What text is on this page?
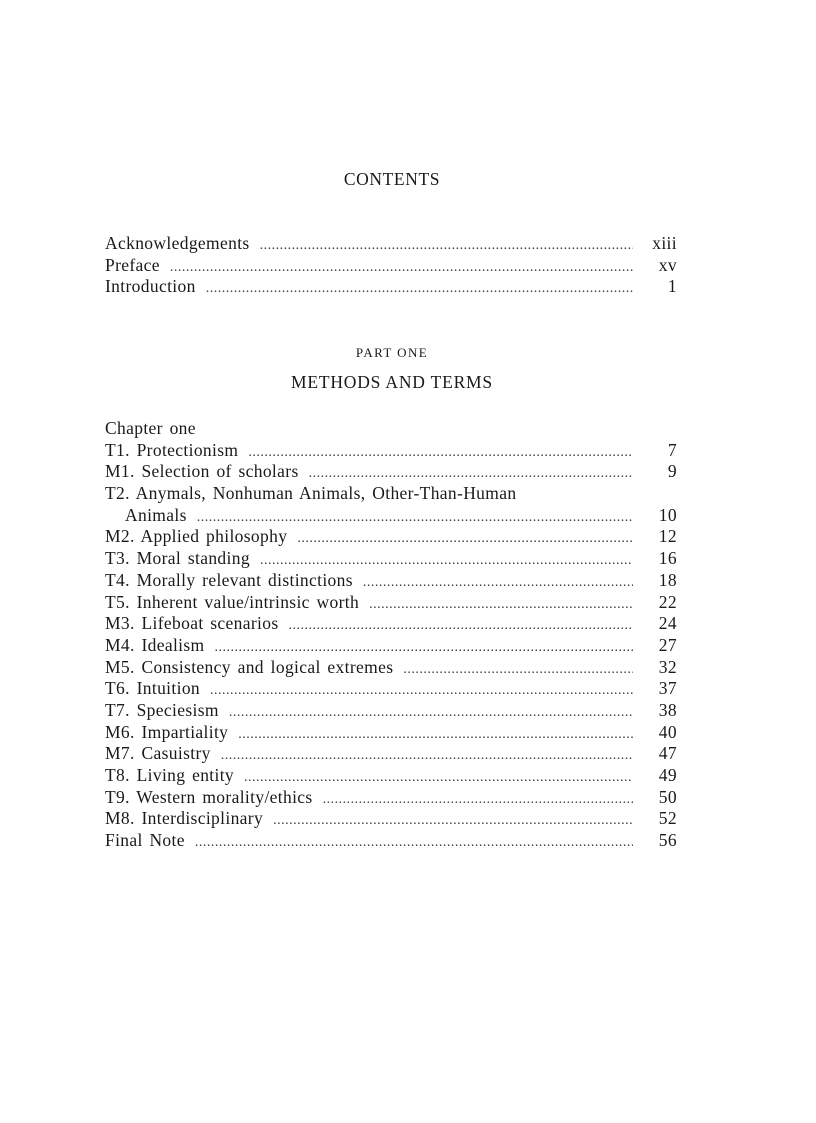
CONTENTS
Acknowledgements .....	xiii
Preface .....	xv
Introduction .....	1
PART ONE
METHODS AND TERMS
Chapter one
T1. Protectionism .....	7
M1. Selection of scholars .....	9
T2. Anymals, Nonhuman Animals, Other-Than-Human
Animals .....	10
M2. Applied philosophy .....	12
T3. Moral standing .....	16
T4. Morally relevant distinctions .....	18
T5. Inherent value/intrinsic worth .....	22
M3. Lifeboat scenarios .....	24
M4. Idealism .....	27
M5. Consistency and logical extremes .....	32
T6. Intuition .....	37
T7. Speciesism .....	38
M6. Impartiality .....	40
M7. Casuistry .....	47
T8. Living entity .....	49
T9. Western morality/ethics .....	50
M8. Interdisciplinary .....	52
Final Note .....	56
